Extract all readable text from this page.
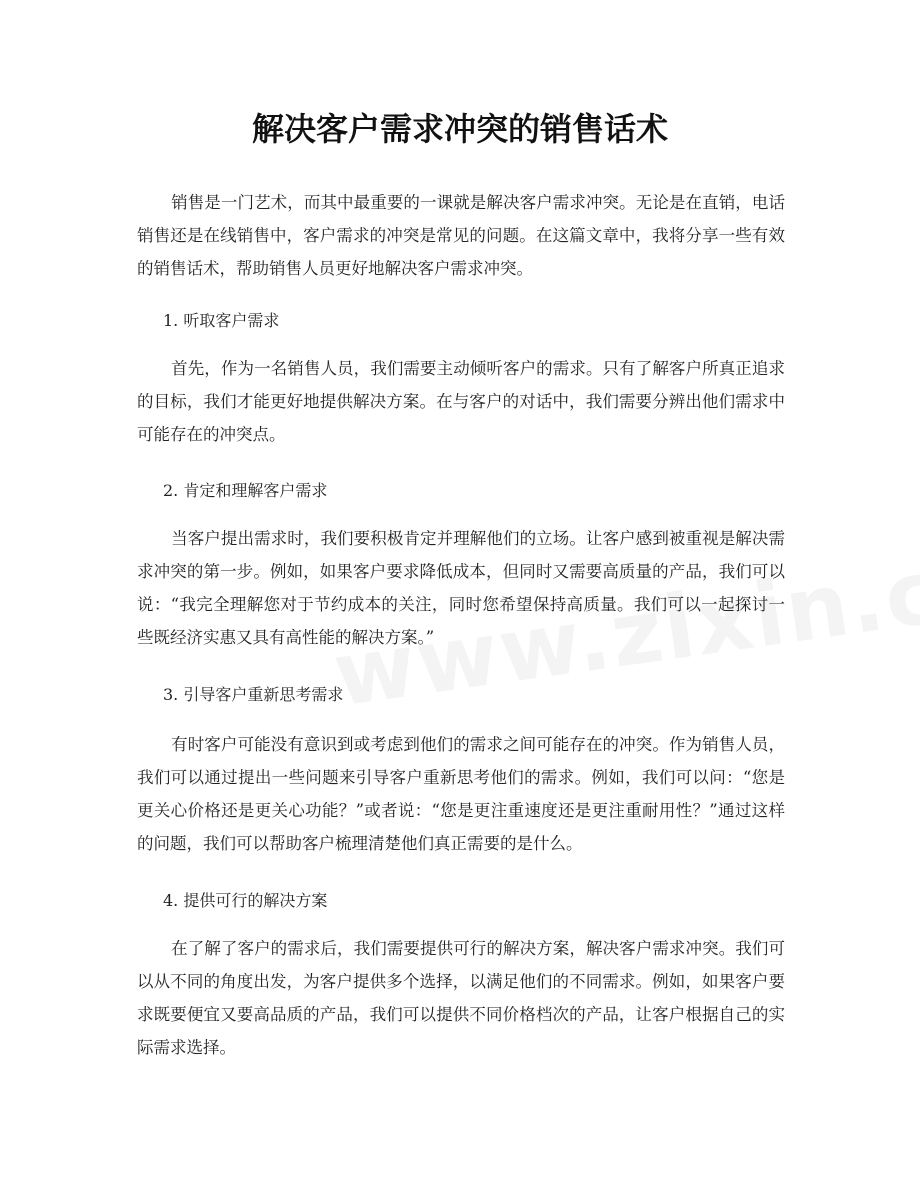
解决客户需求冲突的销售话术

销售是一门艺术，而其中最重要的一课就是解决客户需求冲突。无论是在直销，电话销售还是在线销售中，客户需求的冲突是常见的问题。在这篇文章中，我将分享一些有效的销售话术，帮助销售人员更好地解决客户需求冲突。

1. 听取客户需求

首先，作为一名销售人员，我们需要主动倾听客户的需求。只有了解客户所真正追求的目标，我们才能更好地提供解决方案。在与客户的对话中，我们需要分辨出他们需求中可能存在的冲突点。

2. 肯定和理解客户需求

当客户提出需求时，我们要积极肯定并理解他们的立场。让客户感到被重视是解决需求冲突的第一步。例如，如果客户要求降低成本，但同时又需要高质量的产品，我们可以说：“我完全理解您对于节约成本的关注，同时您希望保持高质量。我们可以一起探讨一些既经济实惠又具有高性能的解决方案。”

3. 引导客户重新思考需求

有时客户可能没有意识到或考虑到他们的需求之间可能存在的冲突。作为销售人员，我们可以通过提出一些问题来引导客户重新思考他们的需求。例如，我们可以问：“您是更关心价格还是更关心功能？”或者说：“您是更注重速度还是更注重耐用性？”通过这样的问题，我们可以帮助客户梳理清楚他们真正需要的是什么。

4. 提供可行的解决方案

在了解了客户的需求后，我们需要提供可行的解决方案，解决客户需求冲突。我们可以从不同的角度出发，为客户提供多个选择，以满足他们的不同需求。例如，如果客户要求既要便宜又要高品质的产品，我们可以提供不同价格档次的产品，让客户根据自己的实际需求选择。
